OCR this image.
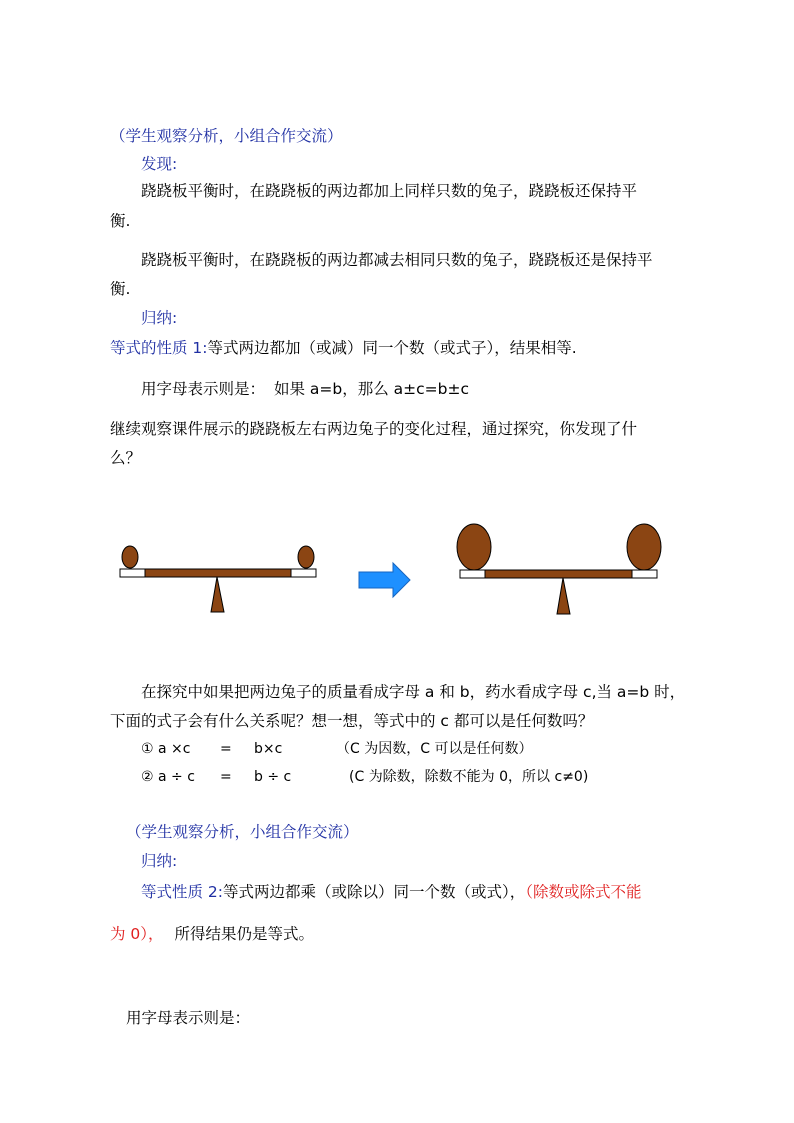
（学生观察分析，小组合作交流）
发现:
跷跷板平衡时，在跷跷板的两边都加上同样只数的兔子，跷跷板还保持平
衡.
跷跷板平衡时，在跷跷板的两边都减去相同只数的兔子，跷跷板还是保持平
衡.
归纳:
等式的性质 1:等式两边都加（或减）同一个数（或式子），结果相等.
用字母表示则是： 如果 a=b，那么 a±c=b±c
继续观察课件展示的跷跷板左右两边兔子的变化过程，通过探究，你发现了什
么？
在探究中如果把两边兔子的质量看成字母 a 和 b，药水看成字母 c,当 a=b 时，
下面的式子会有什么关系呢？想一想，等式中的 c 都可以是任何数吗？
① a ×c = b×c	（C 为因数，C 可以是任何数）
② a ÷ c = b ÷ c	(C 为除数，除数不能为 0，所以 c≠0)
（学生观察分析，小组合作交流）
归纳:
等式性质 2:等式两边都乘（或除以）同一个数（或式），（除数或除式不能
为 0）， 所得结果仍是等式。
用字母表示则是：
